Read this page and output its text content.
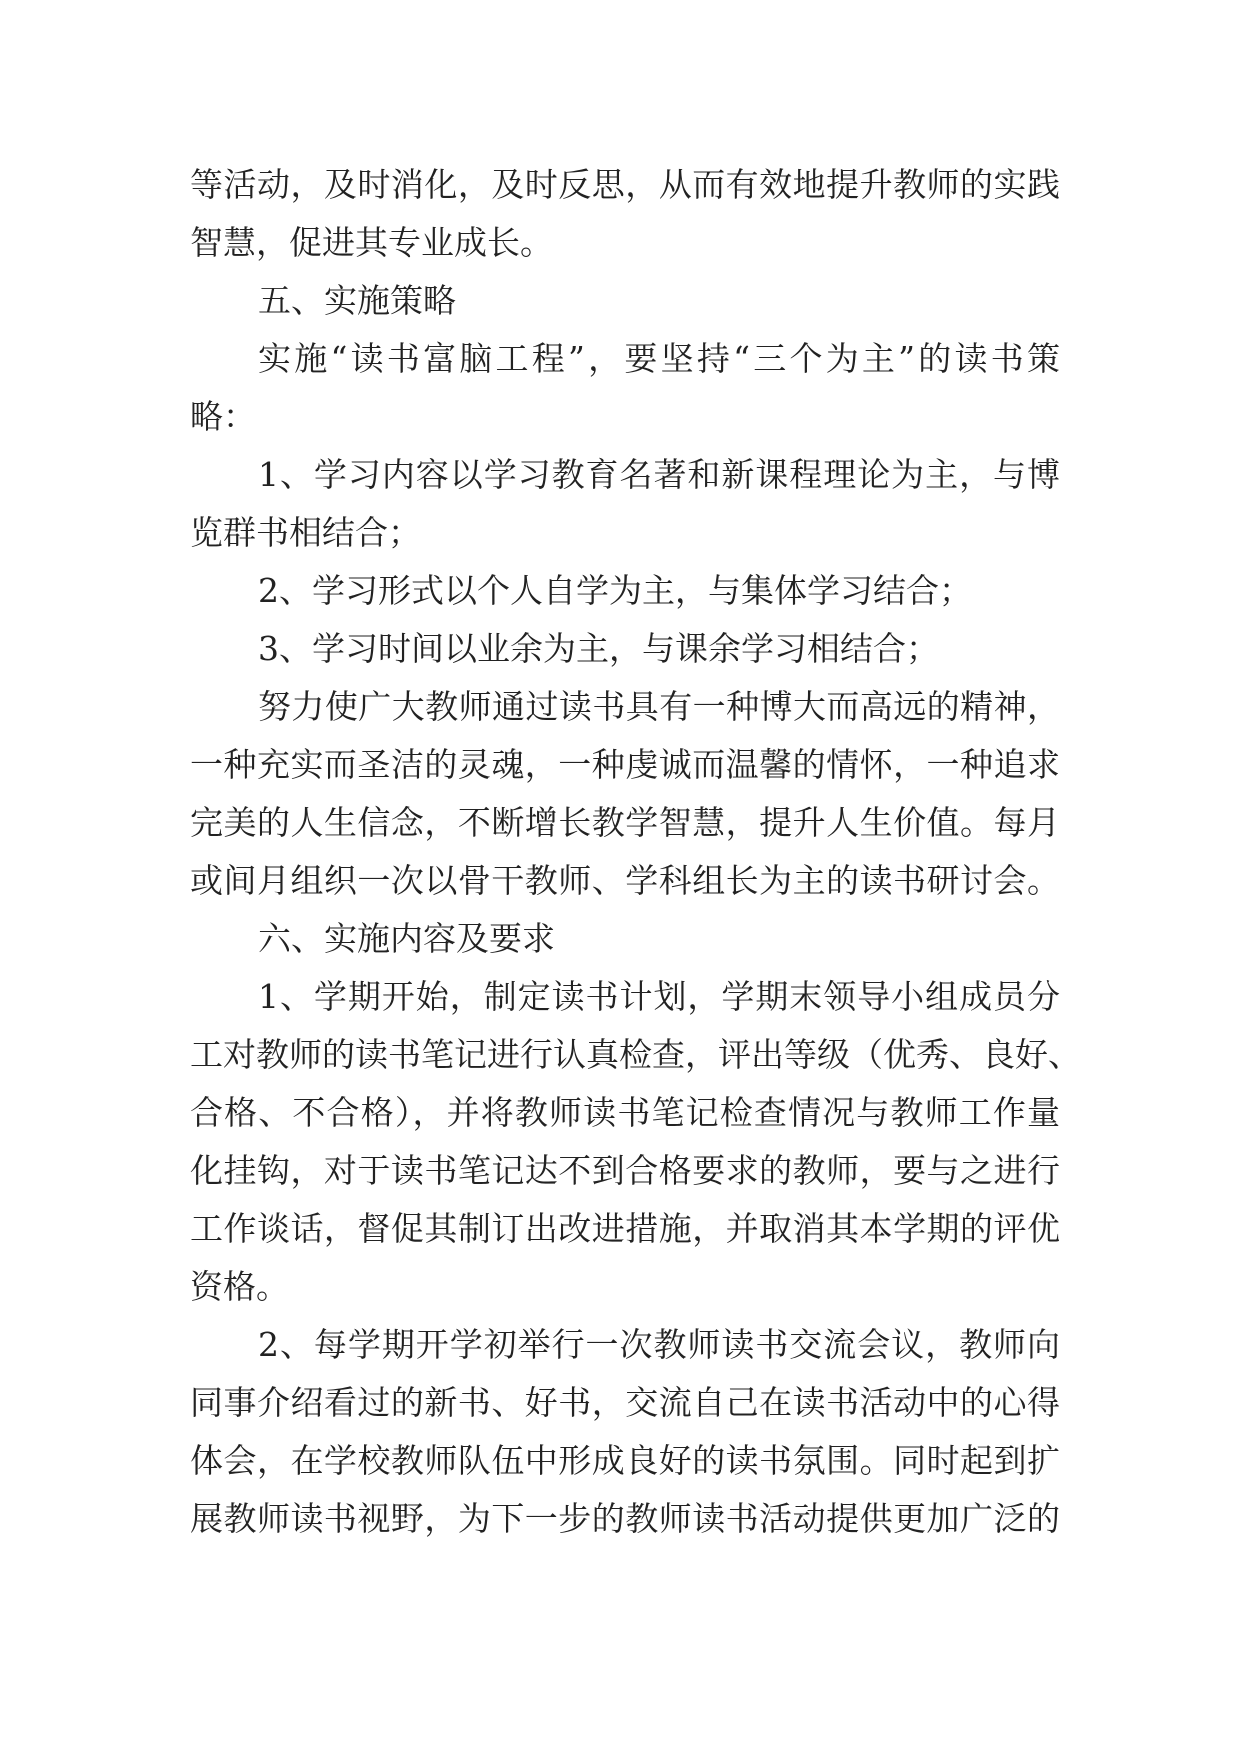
等活动，及时消化，及时反思，从而有效地提升教师的实践
智慧，促进其专业成长。
五、实施策略
实施“读书富脑工程”，要坚持“三个为主”的读书策
略：
1、学习内容以学习教育名著和新课程理论为主，与博
览群书相结合；
2、学习形式以个人自学为主，与集体学习结合；
3、学习时间以业余为主，与课余学习相结合；
努力使广大教师通过读书具有一种博大而高远的精神，
一种充实而圣洁的灵魂，一种虔诚而温馨的情怀，一种追求
完美的人生信念，不断增长教学智慧，提升人生价值。每月
或间月组织一次以骨干教师、学科组长为主的读书研讨会。
六、实施内容及要求
1、学期开始，制定读书计划，学期末领导小组成员分
工对教师的读书笔记进行认真检查，评出等级（优秀、良好、
合格、不合格），并将教师读书笔记检查情况与教师工作量
化挂钩，对于读书笔记达不到合格要求的教师，要与之进行
工作谈话，督促其制订出改进措施，并取消其本学期的评优
资格。
2、每学期开学初举行一次教师读书交流会议，教师向
同事介绍看过的新书、好书，交流自己在读书活动中的心得
体会，在学校教师队伍中形成良好的读书氛围。同时起到扩
展教师读书视野，为下一步的教师读书活动提供更加广泛的
